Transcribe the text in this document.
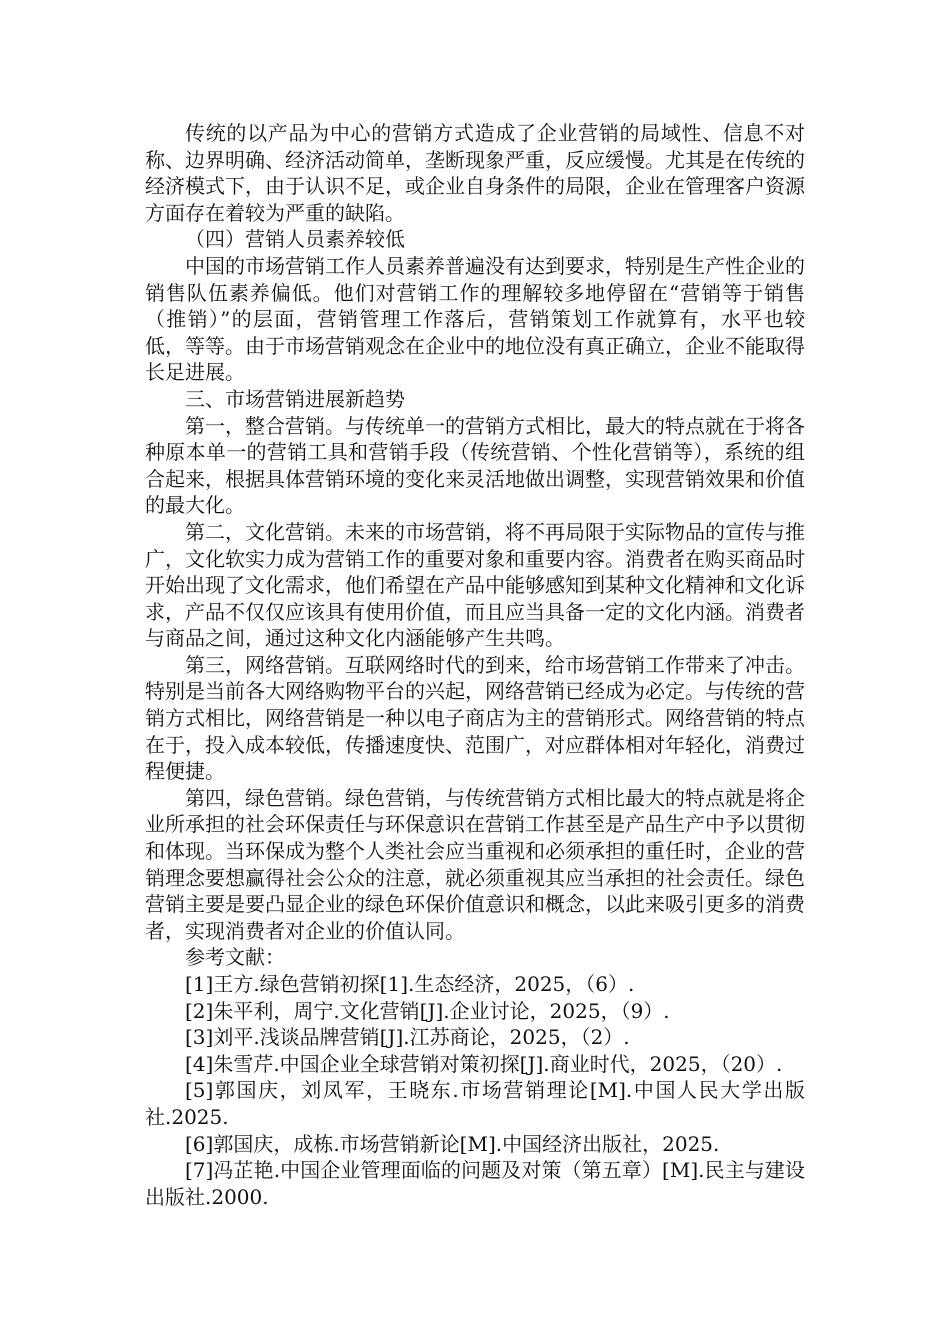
传统的以产品为中心的营销方式造成了企业营销的局域性、信息不对称、边界明确、经济活动简单，垄断现象严重，反应缓慢。尤其是在传统的经济模式下，由于认识不足，或企业自身条件的局限，企业在管理客户资源方面存在着较为严重的缺陷。

（四）营销人员素养较低

中国的市场营销工作人员素养普遍没有达到要求，特别是生产性企业的销售队伍素养偏低。他们对营销工作的理解较多地停留在“营销等于销售（推销）”的层面，营销管理工作落后，营销策划工作就算有，水平也较低，等等。由于市场营销观念在企业中的地位没有真正确立，企业不能取得长足进展。

三、市场营销进展新趋势

第一，整合营销。与传统单一的营销方式相比，最大的特点就在于将各种原本单一的营销工具和营销手段（传统营销、个性化营销等），系统的组合起来，根据具体营销环境的变化来灵活地做出调整，实现营销效果和价值的最大化。

第二，文化营销。未来的市场营销，将不再局限于实际物品的宣传与推广，文化软实力成为营销工作的重要对象和重要内容。消费者在购买商品时开始出现了文化需求，他们希望在产品中能够感知到某种文化精神和文化诉求，产品不仅仅应该具有使用价值，而且应当具备一定的文化内涵。消费者与商品之间，通过这种文化内涵能够产生共鸣。

第三，网络营销。互联网络时代的到来，给市场营销工作带来了冲击。特别是当前各大网络购物平台的兴起，网络营销已经成为必定。与传统的营销方式相比，网络营销是一种以电子商店为主的营销形式。网络营销的特点在于，投入成本较低，传播速度快、范围广，对应群体相对年轻化，消费过程便捷。

第四，绿色营销。绿色营销，与传统营销方式相比最大的特点就是将企业所承担的社会环保责任与环保意识在营销工作甚至是产品生产中予以贯彻和体现。当环保成为整个人类社会应当重视和必须承担的重任时，企业的营销理念要想赢得社会公众的注意，就必须重视其应当承担的社会责任。绿色营销主要是要凸显企业的绿色环保价值意识和概念，以此来吸引更多的消费者，实现消费者对企业的价值认同。

参考文献：

[1]王方.绿色营销初探[1].生态经济，2025，（6）.

[2]朱平利，周宁.文化营销[J].企业讨论，2025，（9）.

[3]刘平.浅谈品牌营销[J].江苏商论，2025，（2）.

[4]朱雪芹.中国企业全球营销对策初探[J].商业时代，2025，（20）.

[5]郭国庆，刘凤军，王晓东.市场营销理论[M].中国人民大学出版社.2025.

[6]郭国庆，成栋.市场营销新论[M].中国经济出版社，2025.

[7]冯芷艳.中国企业管理面临的问题及对策（第五章）[M].民主与建设出版社.2000.
